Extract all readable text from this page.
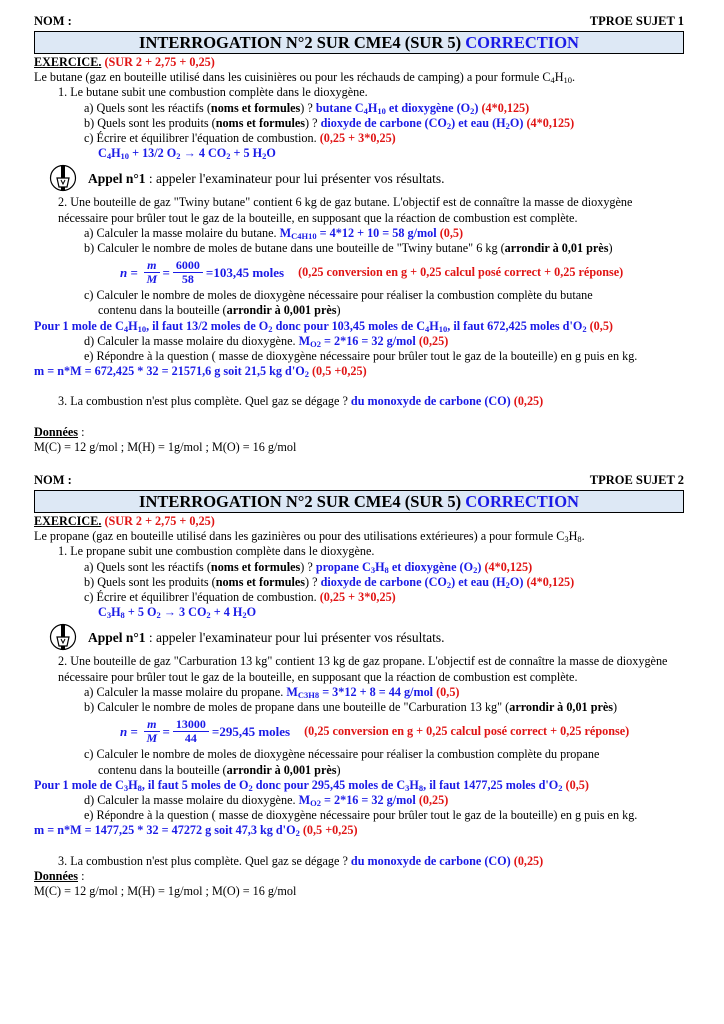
NOM :	TPROE SUJET 1
INTERROGATION N°2 SUR CME4 (SUR 5) CORRECTION
EXERCICE. (SUR 2 + 2,75 + 0,25)
Le butane (gaz en bouteille utilisé dans les cuisinières ou pour les réchauds de camping) a pour formule $C_4H_{10}$.
1. Le butane subit une combustion complète dans le dioxygène.
a) Quels sont les réactifs (noms et formules) ? butane $C_4H_{10}$ et dioxygène $(O_2)$ (4*0,125)
b) Quels sont les produits (noms et formules) ? dioxyde de carbone $(CO_2)$ et eau $(H_2O)$ (4*0,125)
c) Écrire et équilibrer l'équation de combustion. (0,25 + 3*0,25)
$C_4H_{10} + 13/2$ $O_2 \to 4$ $CO_2 + 5$ $H_2O$
Appel n°1 : appeler l'examinateur pour lui présenter vos résultats.
2. Une bouteille de gaz "Twiny butane" contient 6 kg de gaz butane. L'objectif est de connaître la masse de dioxygène nécessaire pour brûler tout le gaz de la bouteille, en supposant que la réaction de combustion est complète.
a) Calculer la masse molaire du butane. $M_{C4H10} = 4*12 + 10 = 58$ g/mol (0,5)
b) Calculer le nombre de moles de butane dans une bouteille de "Twiny butane" 6 kg (arrondir à 0,01 près)
$n = \frac{m}{M} = \frac{6000}{58} = 103,45$ moles (0,25 conversion en g + 0,25 calcul posé correct + 0,25 réponse)
c) Calculer le nombre de moles de dioxygène nécessaire pour réaliser la combustion complète du butane
contenu dans la bouteille (arrondir à 0,001 près)
Pour 1 mole de $C_4H_{10}$, il faut 13/2 moles de $O_2$ donc pour 103,45 moles de $C_4H_{10}$, il faut 672,425 moles $d'O_2$ (0,5)
d) Calculer la masse molaire du dioxygène. $M_{O2} = 2*16 = 32$ g/mol (0,25)
e) Répondre à la question ( masse de dioxygène nécessaire pour brûler tout le gaz de la bouteille) en g puis en kg.
m = n*M = 672,425 * 32 = 21571,6 g soit 21,5 kg $d'O_2$ (0,5 +0,25)
3. La combustion n'est plus complète. Quel gaz se dégage ? du monoxyde de carbone (CO) (0,25)
Données :
M(C) = 12 g/mol ; M(H) = 1g/mol ; M(O) = 16 g/mol
NOM :	TPROE SUJET 2
INTERROGATION N°2 SUR CME4 (SUR 5) CORRECTION
EXERCICE. (SUR 2 + 2,75 + 0,25)
Le propane (gaz en bouteille utilisé dans les gazinières ou pour des utilisations extérieures) a pour formule $C_3H_8$.
1. Le propane subit une combustion complète dans le dioxygène.
a) Quels sont les réactifs (noms et formules) ? propane $C_3H_8$ et dioxygène $(O_2)$ (4*0,125)
b) Quels sont les produits (noms et formules) ? dioxyde de carbone $(CO_2)$ et eau $(H_2O)$ (4*0,125)
c) Écrire et équilibrer l'équation de combustion. (0,25 + 3*0,25)
$C_3H_8 + 5$ $O_2 \to 3$ $CO_2 + 4$ $H_2O$
Appel n°1 : appeler l'examinateur pour lui présenter vos résultats.
2. Une bouteille de gaz "Carburation 13 kg" contient 13 kg de gaz propane. L'objectif est de connaître la masse de dioxygène nécessaire pour brûler tout le gaz de la bouteille, en supposant que la réaction de combustion est complète.
a) Calculer la masse molaire du propane. $M_{C3H8} = 3*12 + 8 = 44$ g/mol (0,5)
b) Calculer le nombre de moles de propane dans une bouteille de "Carburation 13 kg" (arrondir à 0,01 près)
$n = \frac{m}{M} = \frac{13000}{44} = 295,45$ moles (0,25 conversion en g + 0,25 calcul posé correct + 0,25 réponse)
c) Calculer le nombre de moles de dioxygène nécessaire pour réaliser la combustion complète du propane
contenu dans la bouteille (arrondir à 0,001 près)
Pour 1 mole de $C_3H_8$, il faut 5 moles de $O_2$ donc pour 295,45 moles de $C_3H_8$, il faut 1477,25 moles $d'O_2$ (0,5)
d) Calculer la masse molaire du dioxygène. $M_{O2} = 2*16 = 32$ g/mol (0,25)
e) Répondre à la question ( masse de dioxygène nécessaire pour brûler tout le gaz de la bouteille) en g puis en kg.
m = n*M = 1477,25 * 32 = 47272 g soit 47,3 kg $d'O_2$ (0,5 +0,25)
3. La combustion n'est plus complète. Quel gaz se dégage ? du monoxyde de carbone (CO) (0,25)
Données :
M(C) = 12 g/mol ; M(H) = 1g/mol ; M(O) = 16 g/mol
